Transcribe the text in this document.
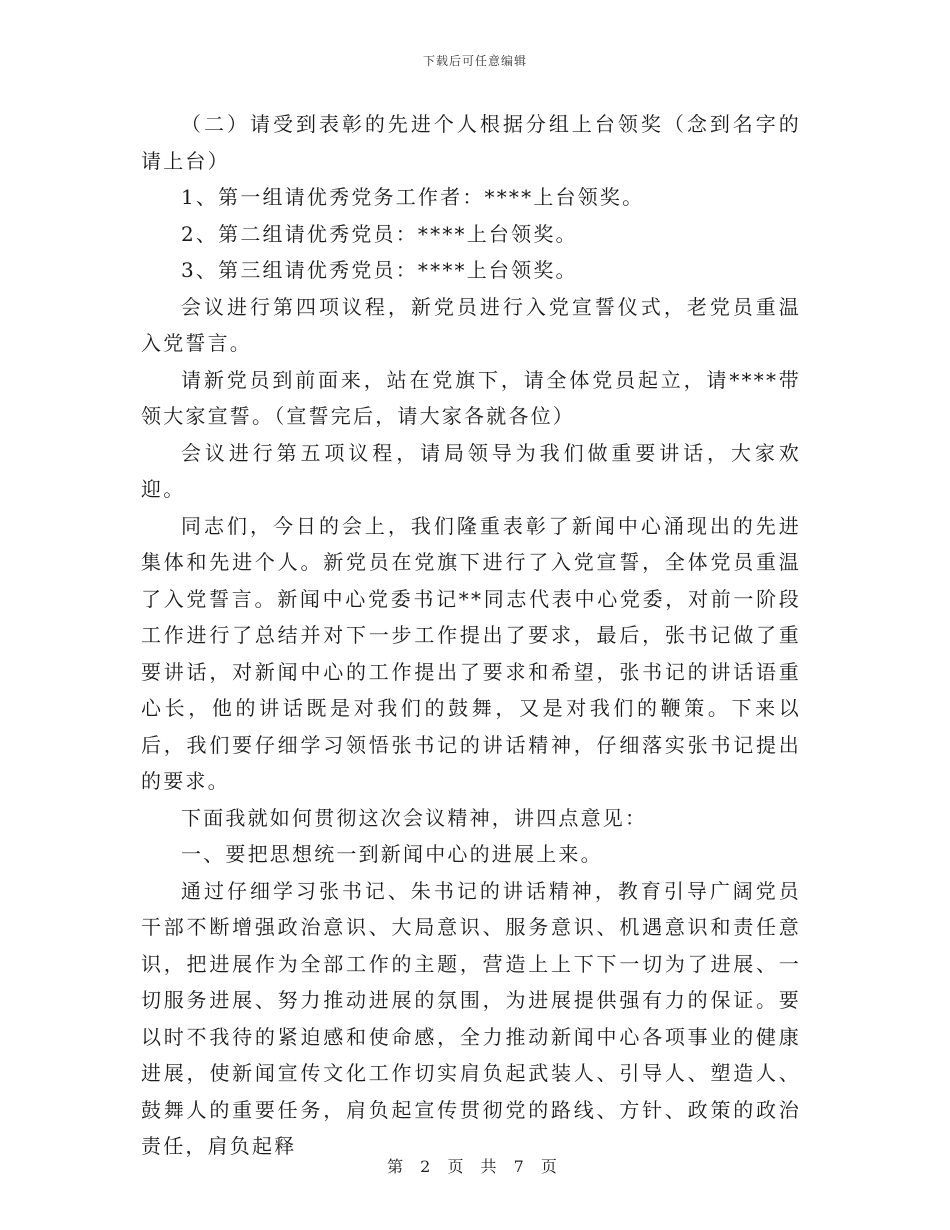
下载后可任意编辑

（二）请受到表彰的先进个人根据分组上台领奖（念到名字的请上台）

1、第一组请优秀党务工作者：****上台领奖。

2、第二组请优秀党员：****上台领奖。

3、第三组请优秀党员：****上台领奖。

会议进行第四项议程，新党员进行入党宣誓仪式，老党员重温入党誓言。

请新党员到前面来，站在党旗下，请全体党员起立，请****带领大家宣誓。（宣誓完后，请大家各就各位）

会议进行第五项议程，请局领导为我们做重要讲话，大家欢迎。

同志们，今日的会上，我们隆重表彰了新闻中心涌现出的先进集体和先进个人。新党员在党旗下进行了入党宣誓，全体党员重温了入党誓言。新闻中心党委书记**同志代表中心党委，对前一阶段工作进行了总结并对下一步工作提出了要求，最后，张书记做了重要讲话，对新闻中心的工作提出了要求和希望，张书记的讲话语重心长，他的讲话既是对我们的鼓舞，又是对我们的鞭策。下来以后，我们要仔细学习领悟张书记的讲话精神，仔细落实张书记提出的要求。

下面我就如何贯彻这次会议精神，讲四点意见：

一、要把思想统一到新闻中心的进展上来。

通过仔细学习张书记、朱书记的讲话精神，教育引导广阔党员干部不断增强政治意识、大局意识、服务意识、机遇意识和责任意识，把进展作为全部工作的主题，营造上上下下一切为了进展、一切服务进展、努力推动进展的氛围，为进展提供强有力的保证。要以时不我待的紧迫感和使命感，全力推动新闻中心各项事业的健康进展，使新闻宣传文化工作切实肩负起武装人、引导人、塑造人、鼓舞人的重要任务，肩负起宣传贯彻党的路线、方针、政策的政治责任，肩负起释

第 2 页 共 7 页
